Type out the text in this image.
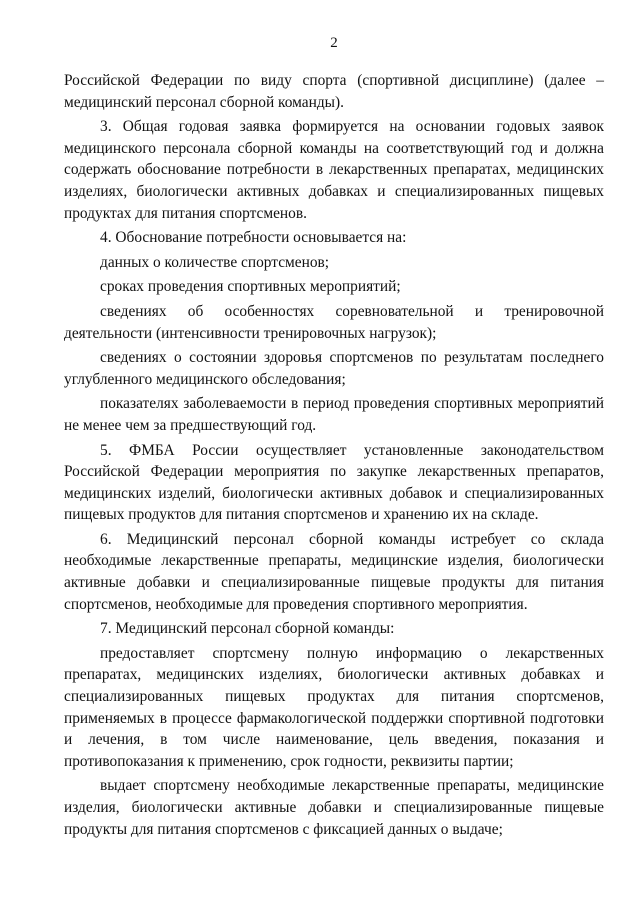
2

Российской Федерации по виду спорта (спортивной дисциплине) (далее – медицинский персонал сборной команды).

3. Общая годовая заявка формируется на основании годовых заявок медицинского персонала сборной команды на соответствующий год и должна содержать обоснование потребности в лекарственных препаратах, медицинских изделиях, биологически активных добавках и специализированных пищевых продуктах для питания спортсменов.

4. Обоснование потребности основывается на:

данных о количестве спортсменов;

сроках проведения спортивных мероприятий;

сведениях об особенностях соревновательной и тренировочной деятельности (интенсивности тренировочных нагрузок);

сведениях о состоянии здоровья спортсменов по результатам последнего углубленного медицинского обследования;

показателях заболеваемости в период проведения спортивных мероприятий не менее чем за предшествующий год.

5. ФМБА России осуществляет установленные законодательством Российской Федерации мероприятия по закупке лекарственных препаратов, медицинских изделий, биологически активных добавок и специализированных пищевых продуктов для питания спортсменов и хранению их на складе.

6. Медицинский персонал сборной команды истребует со склада необходимые лекарственные препараты, медицинские изделия, биологически активные добавки и специализированные пищевые продукты для питания спортсменов, необходимые для проведения спортивного мероприятия.

7. Медицинский персонал сборной команды:

предоставляет спортсмену полную информацию о лекарственных препаратах, медицинских изделиях, биологически активных добавках и специализированных пищевых продуктах для питания спортсменов, применяемых в процессе фармакологической поддержки спортивной подготовки и лечения, в том числе наименование, цель введения, показания и противопоказания к применению, срок годности, реквизиты партии;

выдает спортсмену необходимые лекарственные препараты, медицинские изделия, биологически активные добавки и специализированные пищевые продукты для питания спортсменов с фиксацией данных о выдаче;
